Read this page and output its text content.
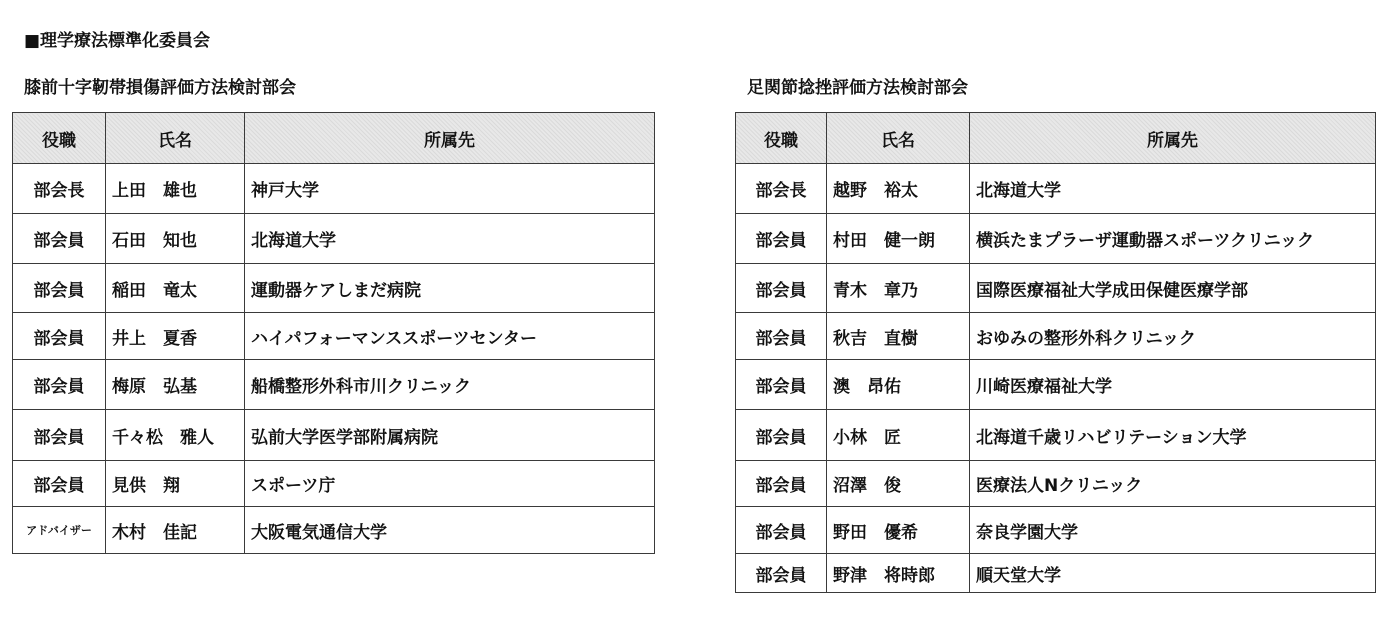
■理学療法標準化委員会
膝前十字靭帯損傷評価方法検討部会
役職	氏名	所属先
部会長	上田　雄也	神戸大学
部会員	石田　知也	北海道大学
部会員	稲田　竜太	運動器ケアしまだ病院
部会員	井上　夏香	ハイパフォーマンススポーツセンター
部会員	梅原　弘基	船橋整形外科市川クリニック
部会員	千々松　雅人	弘前大学医学部附属病院
部会員	見供　翔	スポーツ庁
アドバイザー	木村　佳記	大阪電気通信大学
足関節捻挫評価方法検討部会
役職	氏名	所属先
部会長	越野　裕太	北海道大学
部会員	村田　健一朗	横浜たまプラーザ運動器スポーツクリニック
部会員	青木　章乃	国際医療福祉大学成田保健医療学部
部会員	秋吉　直樹	おゆみの整形外科クリニック
部会員	澳　昂佑	川崎医療福祉大学
部会員	小林　匠	北海道千歳リハビリテーション大学
部会員	沼澤　俊	医療法人Nクリニック
部会員	野田　優希	奈良学園大学
部会員	野津　将時郎	順天堂大学
